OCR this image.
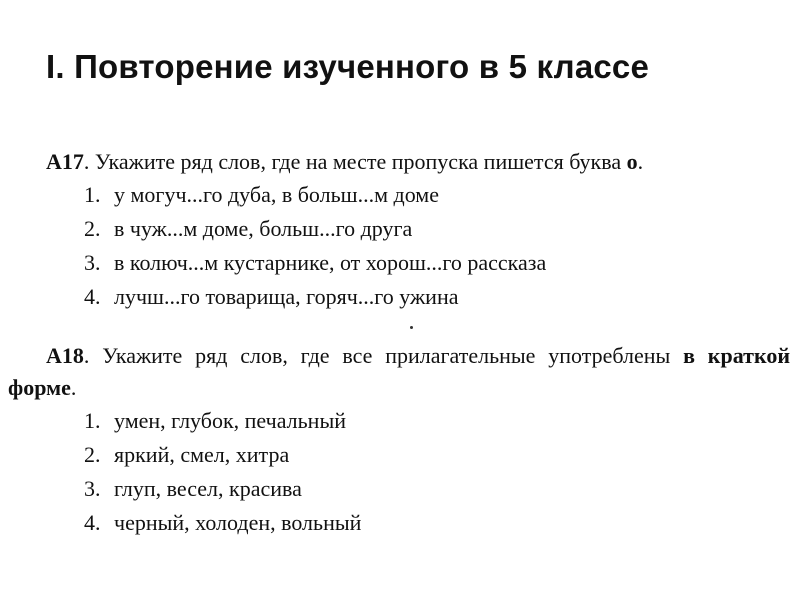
I. Повторение изученного в 5 классе

A17. Укажите ряд слов, где на месте пропуска пишется буква о.

1. у могуч...го дуба, в больш...м доме
2. в чуж...м доме, больш...го друга
3. в колюч...м кустарнике, от хорош...го рассказа
4. лучш...го товарища, горяч...го ужина

A18. Укажите ряд слов, где все прилагательные употреблены в краткой форме.

1. умен, глубок, печальный
2. яркий, смел, хитра
3. глуп, весел, красива
4. черный, холоден, вольный
